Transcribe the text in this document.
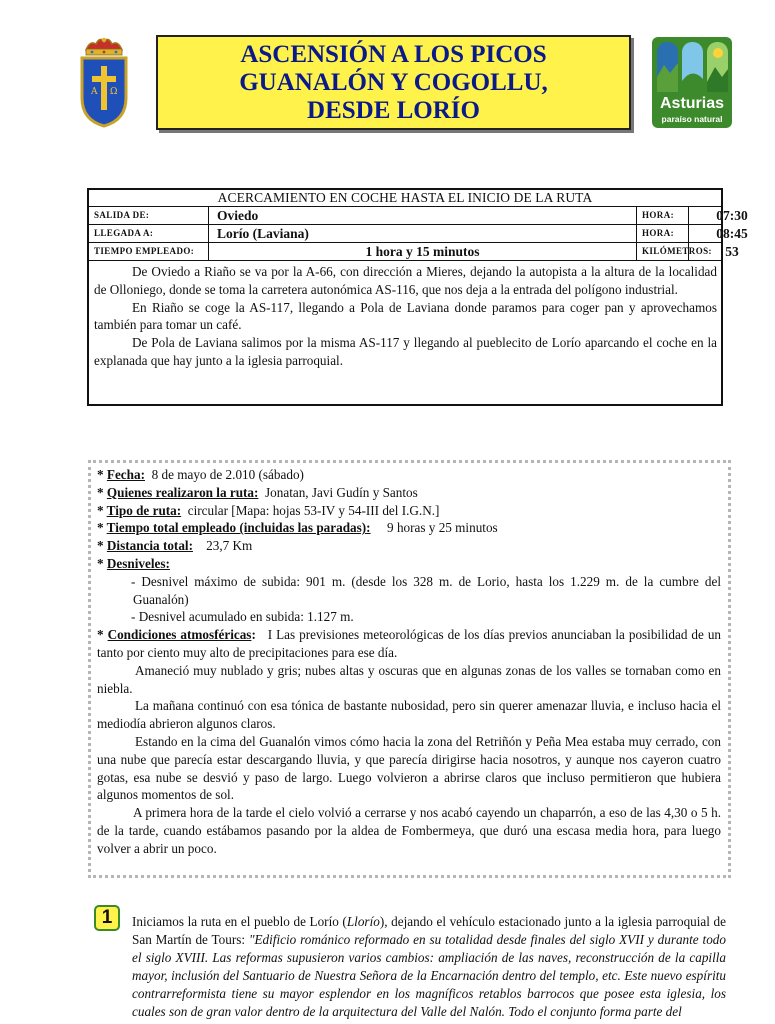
A Ω
ASCENSIÓN A LOS PICOS
GUANALÓN Y COGOLLU,
DESDE LORÍO	Asturias
paraíso natural
ACERCAMIENTO EN COCHE HASTA EL INICIO DE LA RUTA
SALIDA DE:	Oviedo	HORA:	07:30
LLEGADA A:	Lorío (Laviana)	HORA:	08:45
TIEMPO EMPLEADO:	1 hora y 15 minutos	KILÓMETROS: 53

De Oviedo a Riaño se va por la A-66, con dirección a Mieres, dejando la autopista a la altura de la localidad de Olloniego, donde se toma la carretera autonómica AS-116, que nos deja a la entrada del polígono industrial.

En Riaño se coge la AS-117, llegando a Pola de Laviana donde paramos para coger pan y aprovechamos también para tomar un café.

De Pola de Laviana salimos por la misma AS-117 y llegando al pueblecito de Lorío aparcando el coche en la explanada que hay junto a la iglesia parroquial.

* Fecha: 8 de mayo de 2.010 (sábado)
* Quienes realizaron la ruta: Jonatan, Javi Gudín y Santos
* Tipo de ruta: circular [Mapa: hojas 53-IV y 54-III del I.G.N.]
* Tiempo total empleado (incluidas las paradas): 9 horas y 25 minutos
* Distancia total: 23,7 Km
* Desniveles:
- Desnivel máximo de subida: 901 m. (desde los 328 m. de Lorio, hasta los 1.229 m. de la cumbre del Guanalón)
- Desnivel acumulado en subida: 1.127 m.
* Condiciones atmosféricas: I Las previsiones meteorológicas de los días previos anunciaban la posibilidad de un tanto por ciento muy alto de precipitaciones para ese día.
Amaneció muy nublado y gris; nubes altas y oscuras que en algunas zonas de los valles se tornaban como en niebla.
La mañana continuó con esa tónica de bastante nubosidad, pero sin querer amenazar lluvia, e incluso hacia el mediodía abrieron algunos claros.
Estando en la cima del Guanalón vimos cómo hacia la zona del Retriñón y Peña Mea estaba muy cerrado, con una nube que parecía estar descargando lluvia, y que parecía dirigirse hacia nosotros, y aunque nos cayeron cuatro gotas, esa nube se desvió y paso de largo. Luego volvieron a abrirse claros que incluso permitieron que hubiera algunos momentos de sol.
A primera hora de la tarde el cielo volvió a cerrarse y nos acabó cayendo un chaparrón, a eso de las 4,30 o 5 h. de la tarde, cuando estábamos pasando por la aldea de Fombermeya, que duró una escasa media hora, para luego volver a abrir un poco.
1	Iniciamos la ruta en el pueblo de Lorío (Llorío), dejando el vehículo estacionado junto a la iglesia parroquial de San Martín de Tours: "Edificio románico reformado en su totalidad desde finales del siglo XVII y durante todo el siglo XVIII. Las reformas supusieron varios cambios: ampliación de las naves, reconstrucción de la capilla mayor, inclusión del Santuario de Nuestra Señora de la Encarnación dentro del templo, etc. Este nuevo espíritu contrarreformista tiene su mayor esplendor en los magníficos retablos barrocos que posee esta iglesia, los cuales son de gran valor dentro de la arquitectura del Valle del Nalón. Todo el conjunto forma parte del
